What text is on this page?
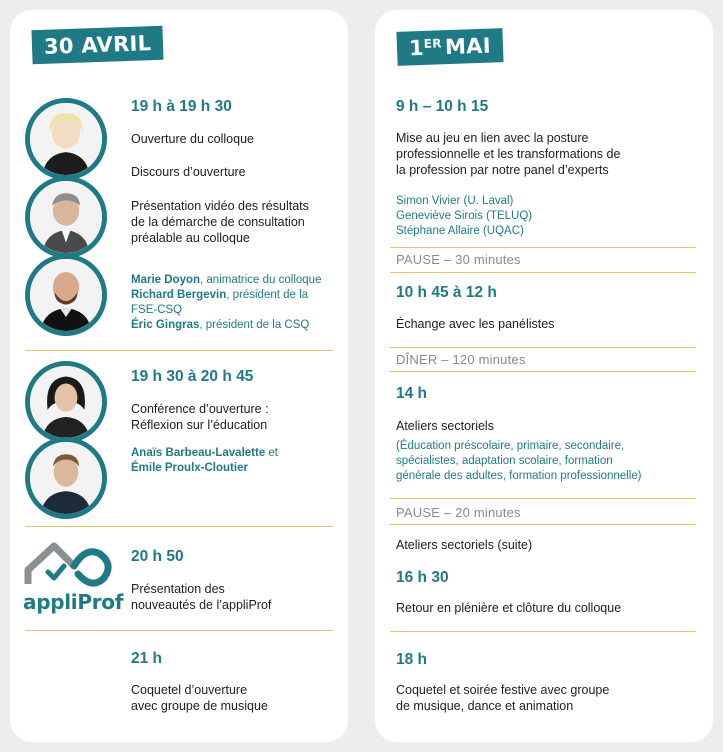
30 AVRIL
19 h à 19 h 30
Ouverture du colloque
Discours d’ouverture
Présentation vidéo des résultats
de la démarche de consultation
préalable au colloque
Marie Doyon, animatrice du colloque
Richard Bergevin, président de la
FSE-CSQ
Éric Gingras, président de la CSQ
19 h 30 à 20 h 45
Conférence d’ouverture :
Réflexion sur l’éducation
Anaïs Barbeau-Lavalette et
Émile Proulx-Cloutier
appliProf
20 h 50
Présentation des
nouveautés de l’appliProf
21 h
Coquetel d’ouverture
avec groupe de musique
1ER MAI
9 h – 10 h 15
Mise au jeu en lien avec la posture
professionnelle et les transformations de
la profession par notre panel d’experts
Simon Vivier (U. Laval)
Geneviève Sirois (TELUQ)
Stéphane Allaire (UQAC)
PAUSE – 30 minutes
10 h 45 à 12 h
Échange avec les panélistes
DÎNER – 120 minutes
14 h
Ateliers sectoriels
(Éducation préscolaire, primaire, secondaire,
spécialistes, adaptation scolaire, formation
générale des adultes, formation professionnelle)
PAUSE – 20 minutes
Ateliers sectoriels (suite)
16 h 30
Retour en plénière et clôture du colloque
18 h
Coquetel et soirée festive avec groupe
de musique, dance et animation
